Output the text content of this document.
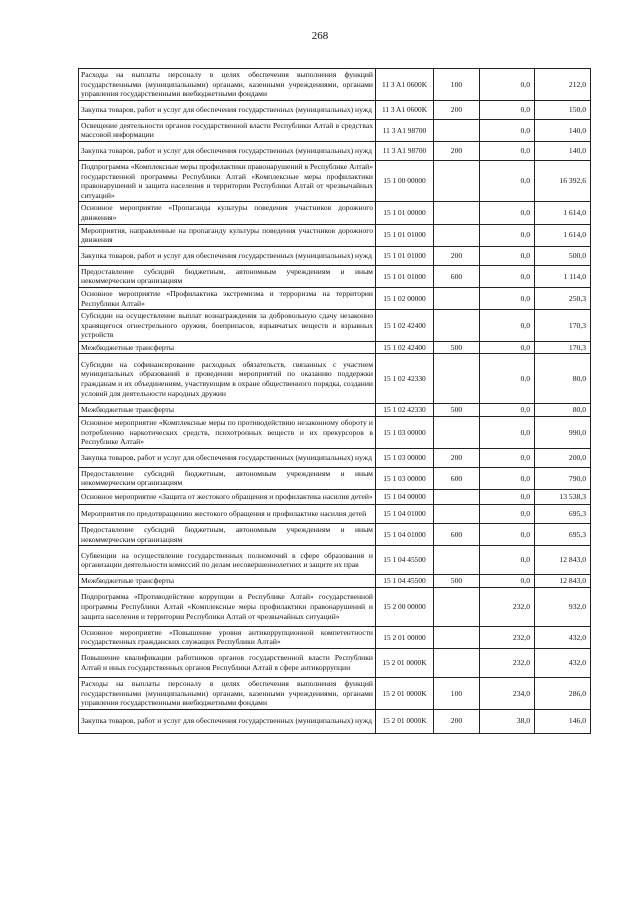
268
Расходы на выплаты персоналу в целях обеспечения выполнения функций государственными (муниципальными) органами, казенными учреждениями, органами управления государственными внебюджетными фондами	11 3 A1 0600K	100	0,0	212,0
Закупка товаров, работ и услуг для обеспечения государственных (муниципальных) нужд	11 3 A1 0600K	200	0,0	150,0
Освещение деятельности органов государственной власти Республики Алтай в средствах массовой информации	11 3 A1 98700		0,0	140,0
Закупка товаров, работ и услуг для обеспечения государственных (муниципальных) нужд	11 3 A1 98700	200	0,0	140,0
Подпрограмма «Комплексные меры профилактики правонарушений в Республике Алтай» государственной программы Республики Алтай «Комплексные меры профилактики правонарушений и защита населения и территории Республики Алтай от чрезвычайных ситуаций»	15 1 00 00000		0,0	16 392,6
Основное мероприятие «Пропаганда культуры поведения участников дорожного движения»	15 1 01 00000		0,0	1 614,0
Мероприятия, направленные на пропаганду культуры поведения участников дорожного движения	15 1 01 01000		0,0	1 614,0
Закупка товаров, работ и услуг для обеспечения государственных (муниципальных) нужд	15 1 01 01000	200	0,0	500,0
Предоставление субсидий бюджетным, автономным учреждениям и иным некоммерческим организациям	15 1 01 01000	600	0,0	1 114,0
Основное мероприятие «Профилактика экстремизма и терроризма на территории Республики Алтай»	15 1 02 00000		0,0	250,3
Субсидии на осуществление выплат вознаграждения за добровольную сдачу незаконно хранящегося огнестрельного оружия, боеприпасов, взрывчатых веществ и взрывных устройств	15 1 02 42400		0,0	170,3
Межбюджетные трансферты	15 1 02 42400	500	0,0	170,3
Субсидии на софинансирование расходных обязательств, связанных с участием муниципальных образований в проведении мероприятий по оказанию поддержки гражданам и их объединениям, участвующим в охране общественного порядка, создании условий для деятельности народных дружин	15 1 02 42330		0,0	80,0
Межбюджетные трансферты	15 1 02 42330	500	0,0	80,0
Основное мероприятие «Комплексные меры по противодействию незаконному обороту и потреблению наркотических средств, психотропных веществ и их прекурсоров в Республике Алтай»	15 1 03 00000		0,0	990,0
Закупка товаров, работ и услуг для обеспечения государственных (муниципальных) нужд	15 1 03 00000	200	0,0	200,0
Предоставление субсидий бюджетным, автономным учреждениям и иным некоммерческим организациям	15 1 03 00000	600	0,0	790,0
Основное мероприятие «Защита от жестокого обращения и профилактика насилия детей»	15 1 04 00000		0,0	13 538,3
Мероприятия по предотвращению жестокого обращения и профилактике насилия детей	15 1 04 01000		0,0	695,3
Предоставление субсидий бюджетным, автономным учреждениям и иным некоммерческим организациям	15 1 04 01000	600	0,0	695,3
Субвенции на осуществление государственных полномочий в сфере образования и организации деятельности комиссий по делам несовершеннолетних и защите их прав	15 1 04 45500		0,0	12 843,0
Межбюджетные трансферты	15 1 04 45500	500	0,0	12 843,0
Подпрограмма «Противодействие коррупции в Республике Алтай» государственной программы Республики Алтай «Комплексные меры профилактики правонарушений и защита населения и территории Республики Алтай от чрезвычайных ситуаций»	15 2 00 00000		232,0	932,0
Основное мероприятие «Повышение уровня антикоррупционной компетентности государственных гражданских служащих Республики Алтай»	15 2 01 00000		232,0	432,0
Повышение квалификации работников органов государственной власти Республики Алтай и иных государственных органов Республики Алтай в сфере антикоррупции	15 2 01 0000K		232,0	432,0
Расходы на выплаты персоналу в целях обеспечения выполнения функций государственными (муниципальными) органами, казенными учреждениями, органами управления государственными внебюджетными фондами	15 2 01 0000K	100	234,0	286,0
Закупка товаров, работ и услуг для обеспечения государственных (муниципальных) нужд	15 2 01 0000K	200	38,0	146,0
